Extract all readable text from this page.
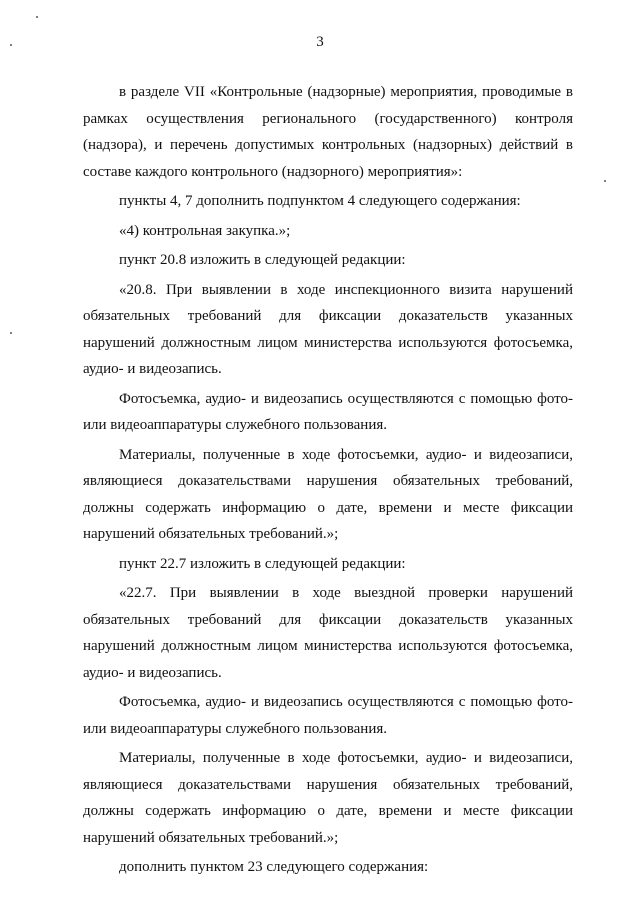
3

в разделе VII «Контрольные (надзорные) мероприятия, проводимые в рамках осуществления регионального (государственного) контроля (надзора), и перечень допустимых контрольных (надзорных) действий в составе каждого контрольного (надзорного) мероприятия»:

пункты 4, 7 дополнить подпунктом 4 следующего содержания:

«4) контрольная закупка.»;

пункт 20.8 изложить в следующей редакции:

«20.8. При выявлении в ходе инспекционного визита нарушений обязательных требований для фиксации доказательств указанных нарушений должностным лицом министерства используются фотосъемка, аудио- и видеозапись.

Фотосъемка, аудио- и видеозапись осуществляются с помощью фото- или видеоаппаратуры служебного пользования.

Материалы, полученные в ходе фотосъемки, аудио- и видеозаписи, являющиеся доказательствами нарушения обязательных требований, должны содержать информацию о дате, времени и месте фиксации нарушений обязательных требований.»;

пункт 22.7 изложить в следующей редакции:

«22.7. При выявлении в ходе выездной проверки нарушений обязательных требований для фиксации доказательств указанных нарушений должностным лицом министерства используются фотосъемка, аудио- и видеозапись.

Фотосъемка, аудио- и видеозапись осуществляются с помощью фото- или видеоаппаратуры служебного пользования.

Материалы, полученные в ходе фотосъемки, аудио- и видеозаписи, являющиеся доказательствами нарушения обязательных требований, должны содержать информацию о дате, времени и месте фиксации нарушений обязательных требований.»;

дополнить пунктом 23 следующего содержания:
